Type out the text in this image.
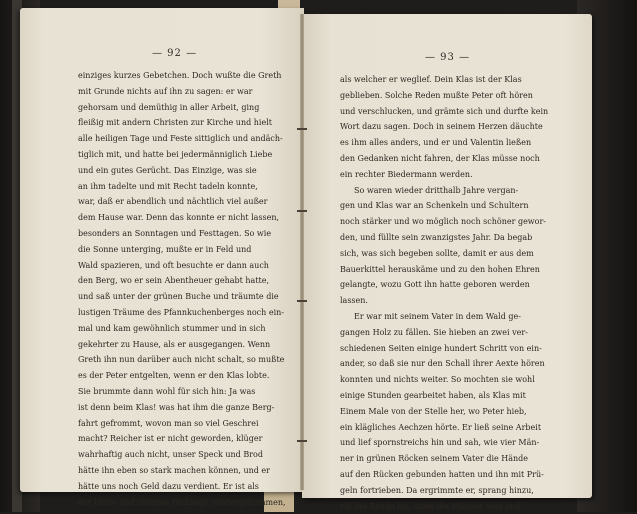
— 92 —
einziges kurzes Gebetchen. Doch wußte die Greth
mit Grunde nichts auf ihn zu sagen: er war
gehorsam und demüthig in aller Arbeit, ging
fleißig mit andern Christen zur Kirche und hielt
alle heiligen Tage und Feste sittiglich und andäch-
tiglich mit, und hatte bei jedermänniglich Liebe
und ein gutes Gerücht. Das Einzige, was sie
an ihm tadelte und mit Recht tadeln konnte,
war, daß er abendlich und nächtlich viel außer
dem Hause war. Denn das konnte er nicht lassen,
besonders an Sonntagen und Festtagen. So wie
die Sonne unterging, mußte er in Feld und
Wald spazieren, und oft besuchte er dann auch
den Berg, wo er sein Abentheuer gehabt hatte,
und saß unter der grünen Buche und träumte die
lustigen Träume des Pfannkuchenberges noch ein-
mal und kam gewöhnlich stummer und in sich
gekehrter zu Hause, als er ausgegangen. Wenn
Greth ihn nun darüber auch nicht schalt, so mußte
es der Peter entgelten, wenn er den Klas lobte.
Sie brummte dann wohl für sich hin: Ja was
ist denn beim Klas! was hat ihm die ganze Berg-
fahrt gefrommt, wovon man so viel Geschrei
macht? Reicher ist er nicht geworden, klüger
wahrhaftig auch nicht, unser Speck und Brod
hätte ihn eben so stark machen können, und er
hätte uns noch Geld dazu verdient. Er ist als
der blöde und stumme Dickkopf wiedergekommen,
— 93 —
als welcher er weglief. Dein Klas ist der Klas
geblieben. Solche Reden mußte Peter oft hören
und verschlucken, und grämte sich und durfte kein
Wort dazu sagen. Doch in seinem Herzen däuchte
es ihm alles anders, und er und Valentin ließen
den Gedanken nicht fahren, der Klas müsse noch
ein rechter Biedermann werden.
So waren wieder dritthalb Jahre vergan-
gen und Klas war an Schenkeln und Schultern
noch stärker und wo möglich noch schöner gewor-
den, und füllte sein zwanzigstes Jahr. Da begab
sich, was sich begeben sollte, damit er aus dem
Bauerkittel herauskäme und zu den hohen Ehren
gelangte, wozu Gott ihn hatte geboren werden
lassen.
Er war mit seinem Vater in dem Wald ge-
gangen Holz zu fällen. Sie hieben an zwei ver-
schiedenen Seiten einige hundert Schritt von ein-
ander, so daß sie nur den Schall ihrer Aexte hören
konnten und nichts weiter. So mochten sie wohl
einige Stunden gearbeitet haben, als Klas mit
Einem Male von der Stelle her, wo Peter hieb,
ein klägliches Aechzen hörte. Er ließ seine Arbeit
und lief spornstreichs hin und sah, wie vier Män-
ner in grünen Röcken seinem Vater die Hände
auf den Rücken gebunden hatten und ihn mit Prü-
geln fortrieben. Da ergrimmte er, sprang hinzu,
riß die Bande los, stieß die Männer weg und
